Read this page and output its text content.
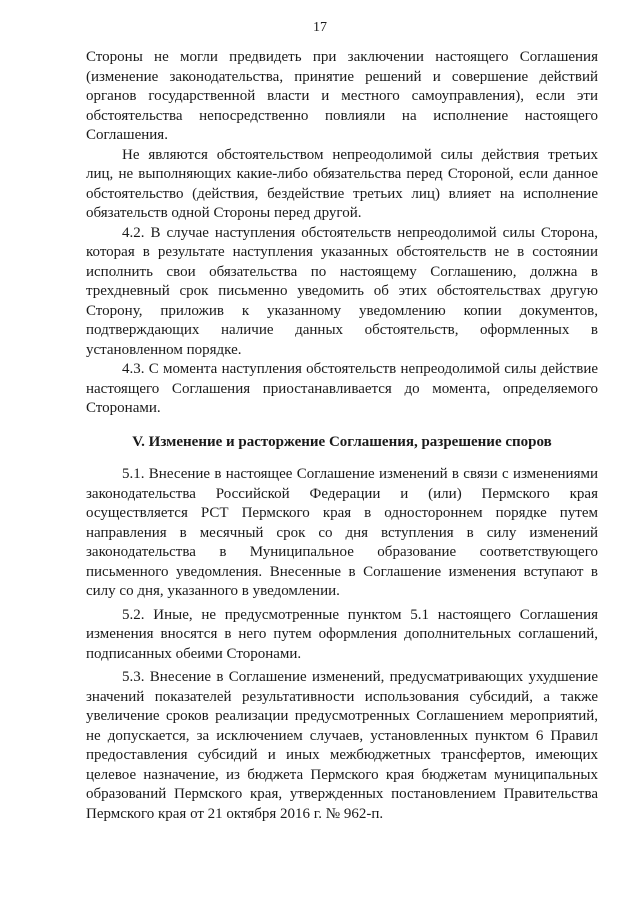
17

Стороны не могли предвидеть при заключении настоящего Соглашения (изменение законодательства, принятие решений и совершение действий органов государственной власти и местного самоуправления), если эти обстоятельства непосредственно повлияли на исполнение настоящего Соглашения.

Не являются обстоятельством непреодолимой силы действия третьих лиц, не выполняющих какие-либо обязательства перед Стороной, если данное обстоятельство (действия, бездействие третьих лиц) влияет на исполнение обязательств одной Стороны перед другой.

4.2. В случае наступления обстоятельств непреодолимой силы Сторона, которая в результате наступления указанных обстоятельств не в состоянии исполнить свои обязательства по настоящему Соглашению, должна в трехдневный срок письменно уведомить об этих обстоятельствах другую Сторону, приложив к указанному уведомлению копии документов, подтверждающих наличие данных обстоятельств, оформленных в установленном порядке.

4.3. С момента наступления обстоятельств непреодолимой силы действие настоящего Соглашения приостанавливается до момента, определяемого Сторонами.

V. Изменение и расторжение Соглашения, разрешение споров

5.1. Внесение в настоящее Соглашение изменений в связи с изменениями законодательства Российской Федерации и (или) Пермского края осуществляется РСТ Пермского края в одностороннем порядке путем направления в месячный срок со дня вступления в силу изменений законодательства в Муниципальное образование соответствующего письменного уведомления. Внесенные в Соглашение изменения вступают в силу со дня, указанного в уведомлении.

5.2. Иные, не предусмотренные пунктом 5.1 настоящего Соглашения изменения вносятся в него путем оформления дополнительных соглашений, подписанных обеими Сторонами.

5.3. Внесение в Соглашение изменений, предусматривающих ухудшение значений показателей результативности использования субсидий, а также увеличение сроков реализации предусмотренных Соглашением мероприятий, не допускается, за исключением случаев, установленных пунктом 6 Правил предоставления субсидий и иных межбюджетных трансфертов, имеющих целевое назначение, из бюджета Пермского края бюджетам муниципальных образований Пермского края, утвержденных постановлением Правительства Пермского края от 21 октября 2016 г. № 962-п.
